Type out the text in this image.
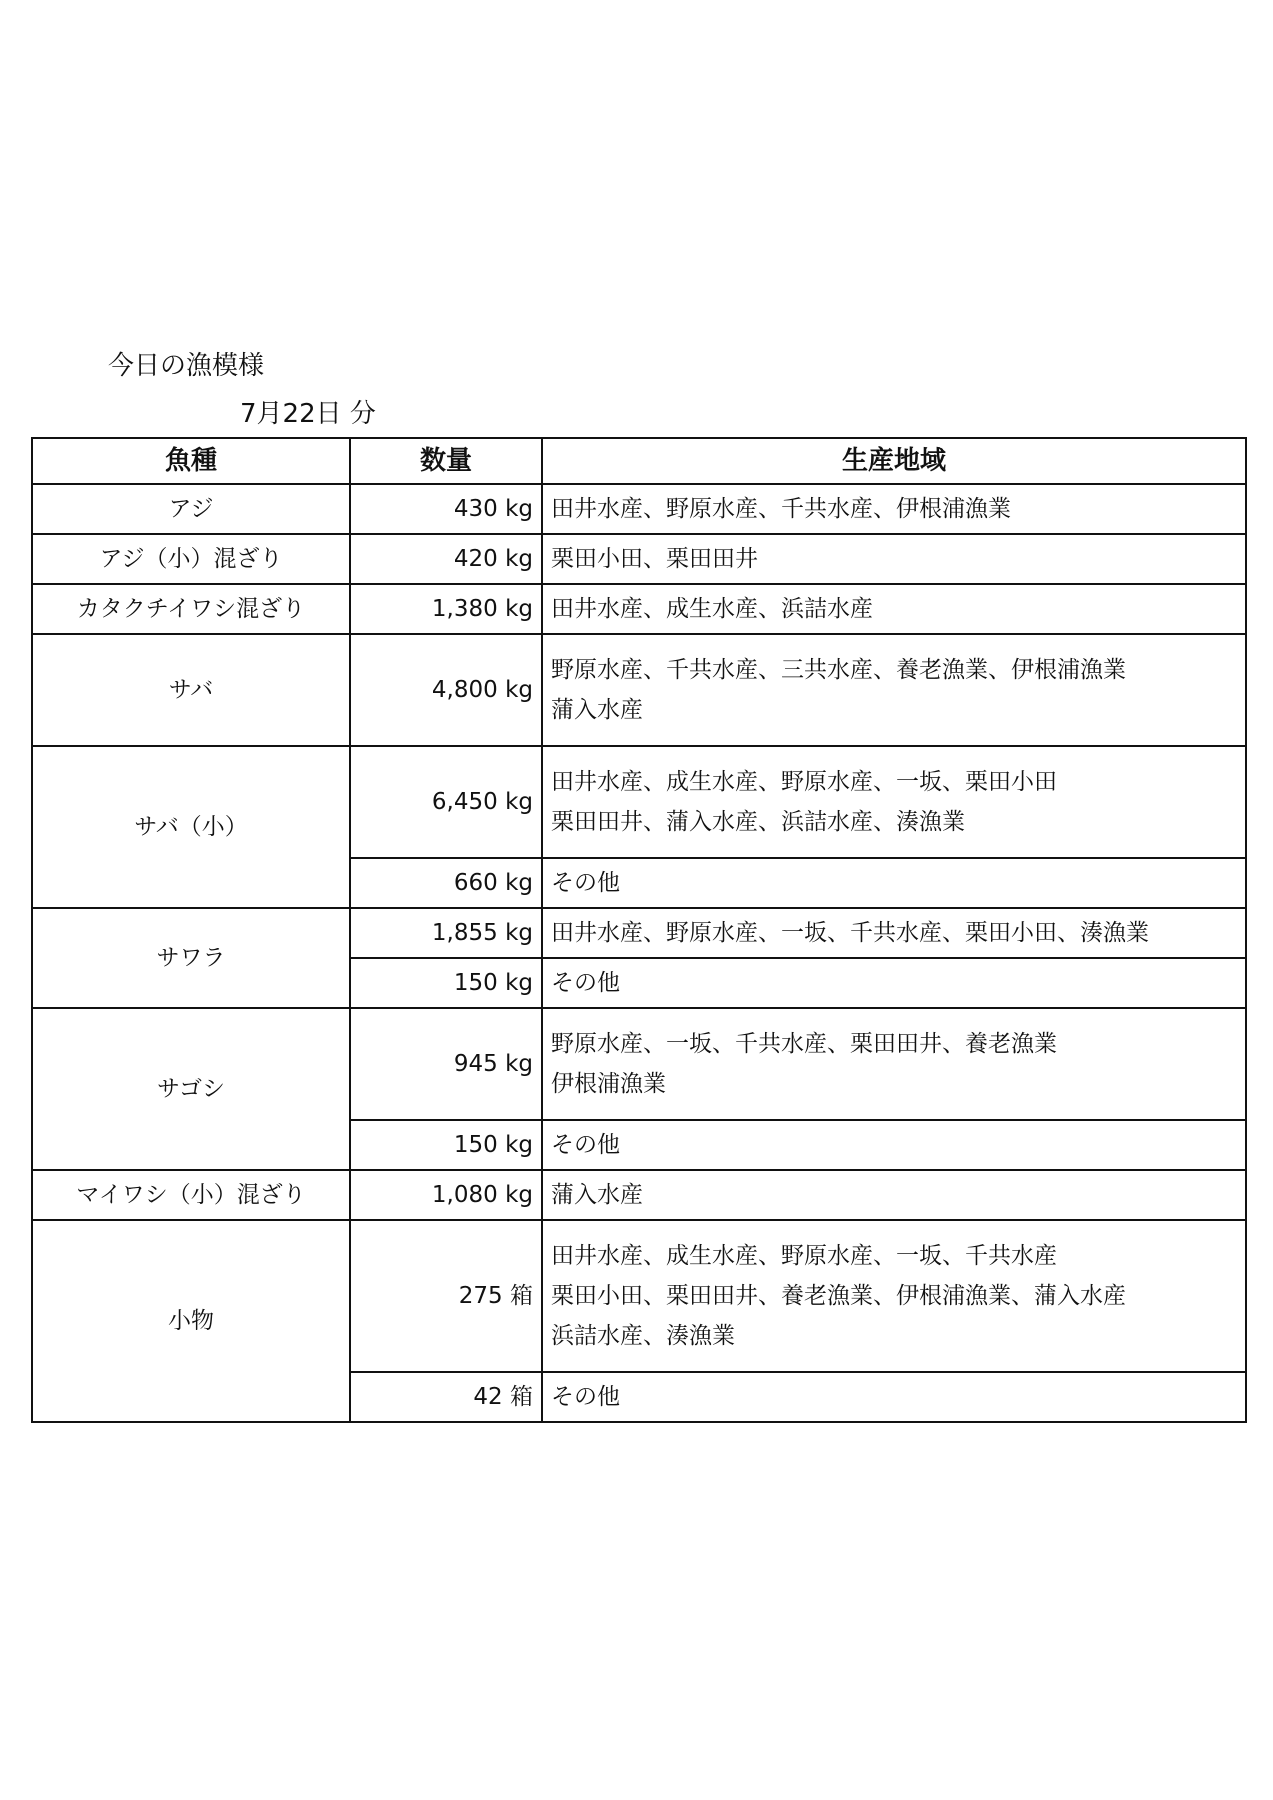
今日の漁模様
7月22日 分
魚種	数量	生産地域
アジ	430 kg	田井水産、野原水産、千共水産、伊根浦漁業

アジ（小）混ざり	420 kg	栗田小田、栗田田井

カタクチイワシ混ざり	1,380 kg	田井水産、成生水産、浜詰水産

サバ	4,800 kg	野原水産、千共水産、三共水産、養老漁業、伊根浦漁業
蒲入水産

サバ（小）	6,450 kg	田井水産、成生水産、野原水産、一坂、栗田小田
栗田田井、蒲入水産、浜詰水産、湊漁業

	660 kg	その他

サワラ	1,855 kg	田井水産、野原水産、一坂、千共水産、栗田小田、湊漁業

	150 kg	その他

サゴシ	945 kg	野原水産、一坂、千共水産、栗田田井、養老漁業
伊根浦漁業

	150 kg	その他

マイワシ（小）混ざり	1,080 kg	蒲入水産

小物	275 箱	田井水産、成生水産、野原水産、一坂、千共水産
栗田小田、栗田田井、養老漁業、伊根浦漁業、蒲入水産
浜詰水産、湊漁業

	42 箱	その他
